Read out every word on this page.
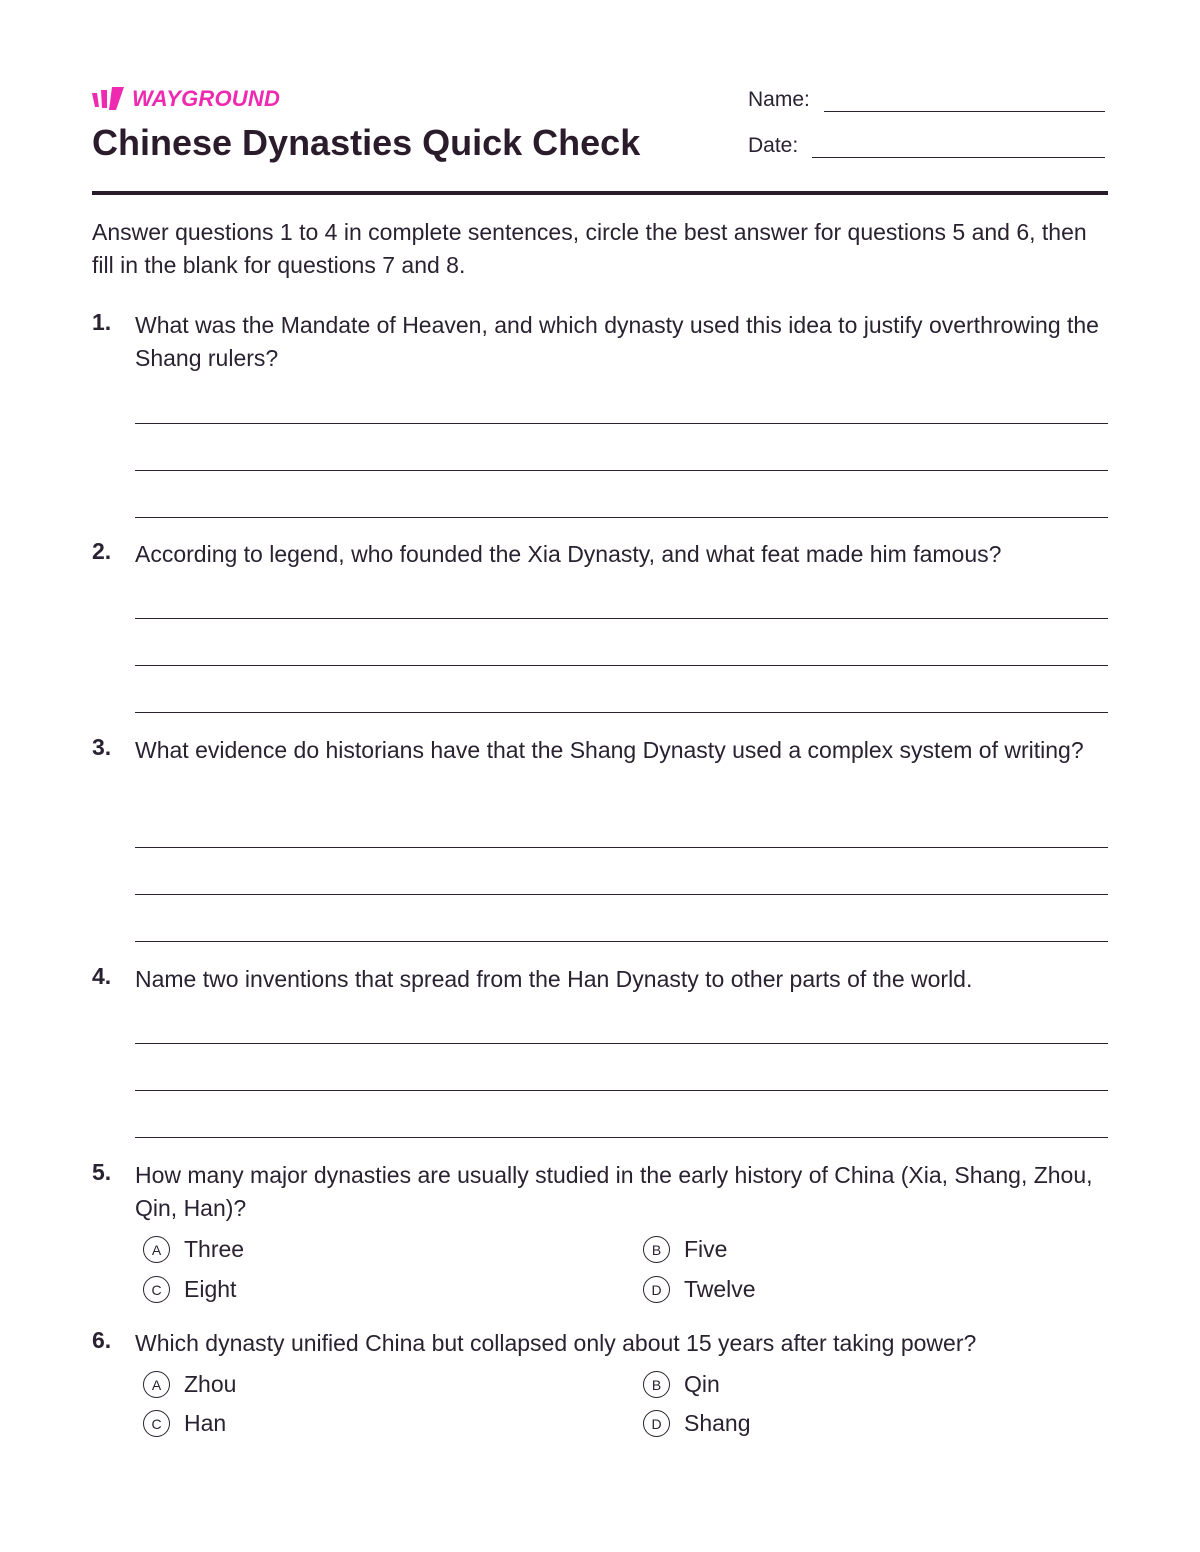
WAYGROUND
Chinese Dynasties Quick Check
Name:
Date:

Answer questions 1 to 4 in complete sentences, circle the best answer for questions 5 and 6, then fill in the blank for questions 7 and 8.

1. What was the Mandate of Heaven, and which dynasty used this idea to justify overthrowing the Shang rulers?

2. According to legend, who founded the Xia Dynasty, and what feat made him famous?

3. What evidence do historians have that the Shang Dynasty used a complex system of writing?

4. Name two inventions that spread from the Han Dynasty to other parts of the world.

5. How many major dynasties are usually studied in the early history of China (Xia, Shang, Zhou, Qin, Han)?

A Three	B Five
C Eight	D Twelve
6. Which dynasty unified China but collapsed only about 15 years after taking power?

A Zhou	B Qin
C Han	D Shang
